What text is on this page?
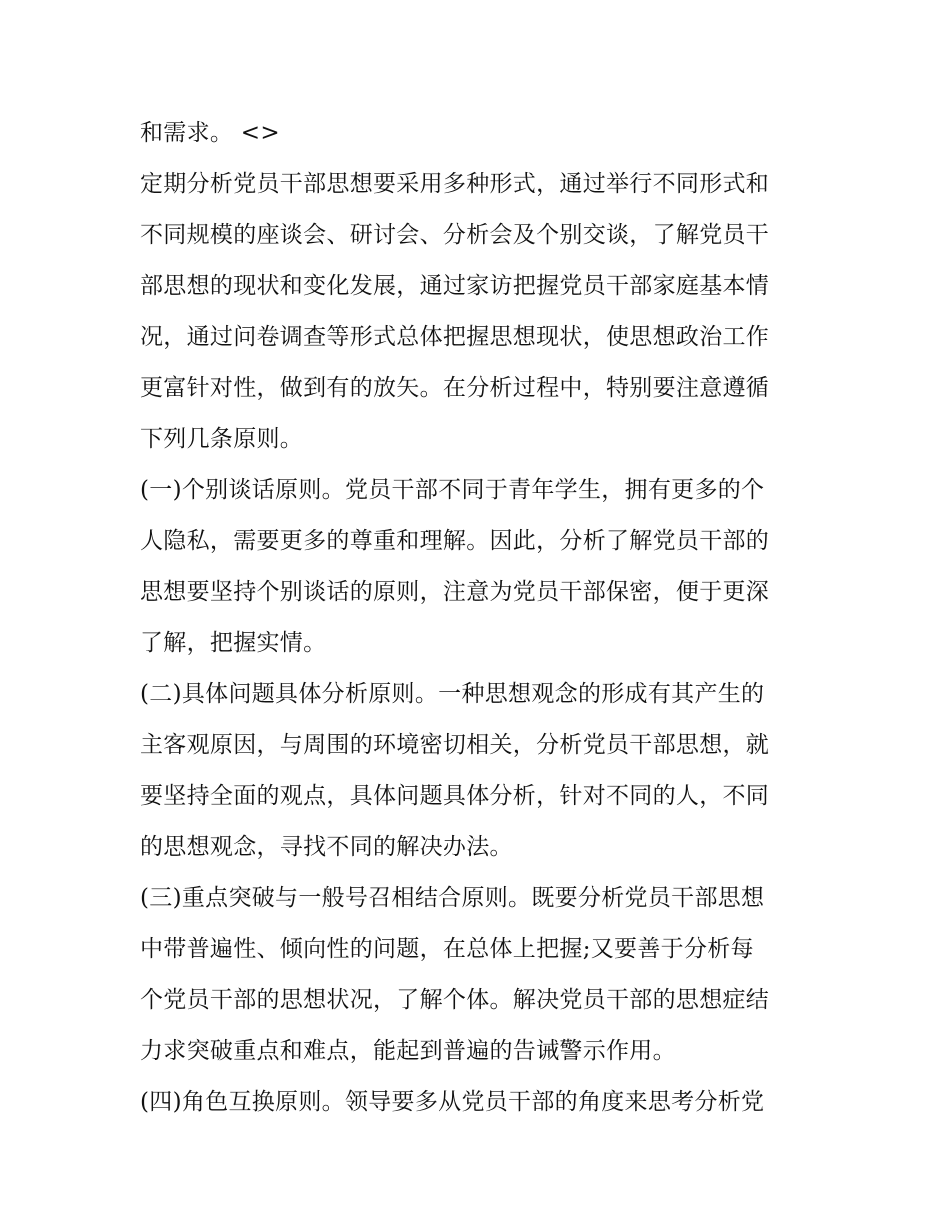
和需求。 <>
定期分析党员干部思想要采用多种形式，通过举行不同形式和
不同规模的座谈会、研讨会、分析会及个别交谈，了解党员干
部思想的现状和变化发展，通过家访把握党员干部家庭基本情
况，通过问卷调查等形式总体把握思想现状，使思想政治工作
更富针对性，做到有的放矢。在分析过程中，特别要注意遵循
下列几条原则。
(一)个别谈话原则。党员干部不同于青年学生，拥有更多的个
人隐私，需要更多的尊重和理解。因此，分析了解党员干部的
思想要坚持个别谈话的原则，注意为党员干部保密，便于更深
了解，把握实情。
(二)具体问题具体分析原则。一种思想观念的形成有其产生的
主客观原因，与周围的环境密切相关，分析党员干部思想，就
要坚持全面的观点，具体问题具体分析，针对不同的人，不同
的思想观念，寻找不同的解决办法。
(三)重点突破与一般号召相结合原则。既要分析党员干部思想
中带普遍性、倾向性的问题，在总体上把握;又要善于分析每
个党员干部的思想状况，了解个体。解决党员干部的思想症结
力求突破重点和难点，能起到普遍的告诫警示作用。
(四)角色互换原则。领导要多从党员干部的角度来思考分析党
